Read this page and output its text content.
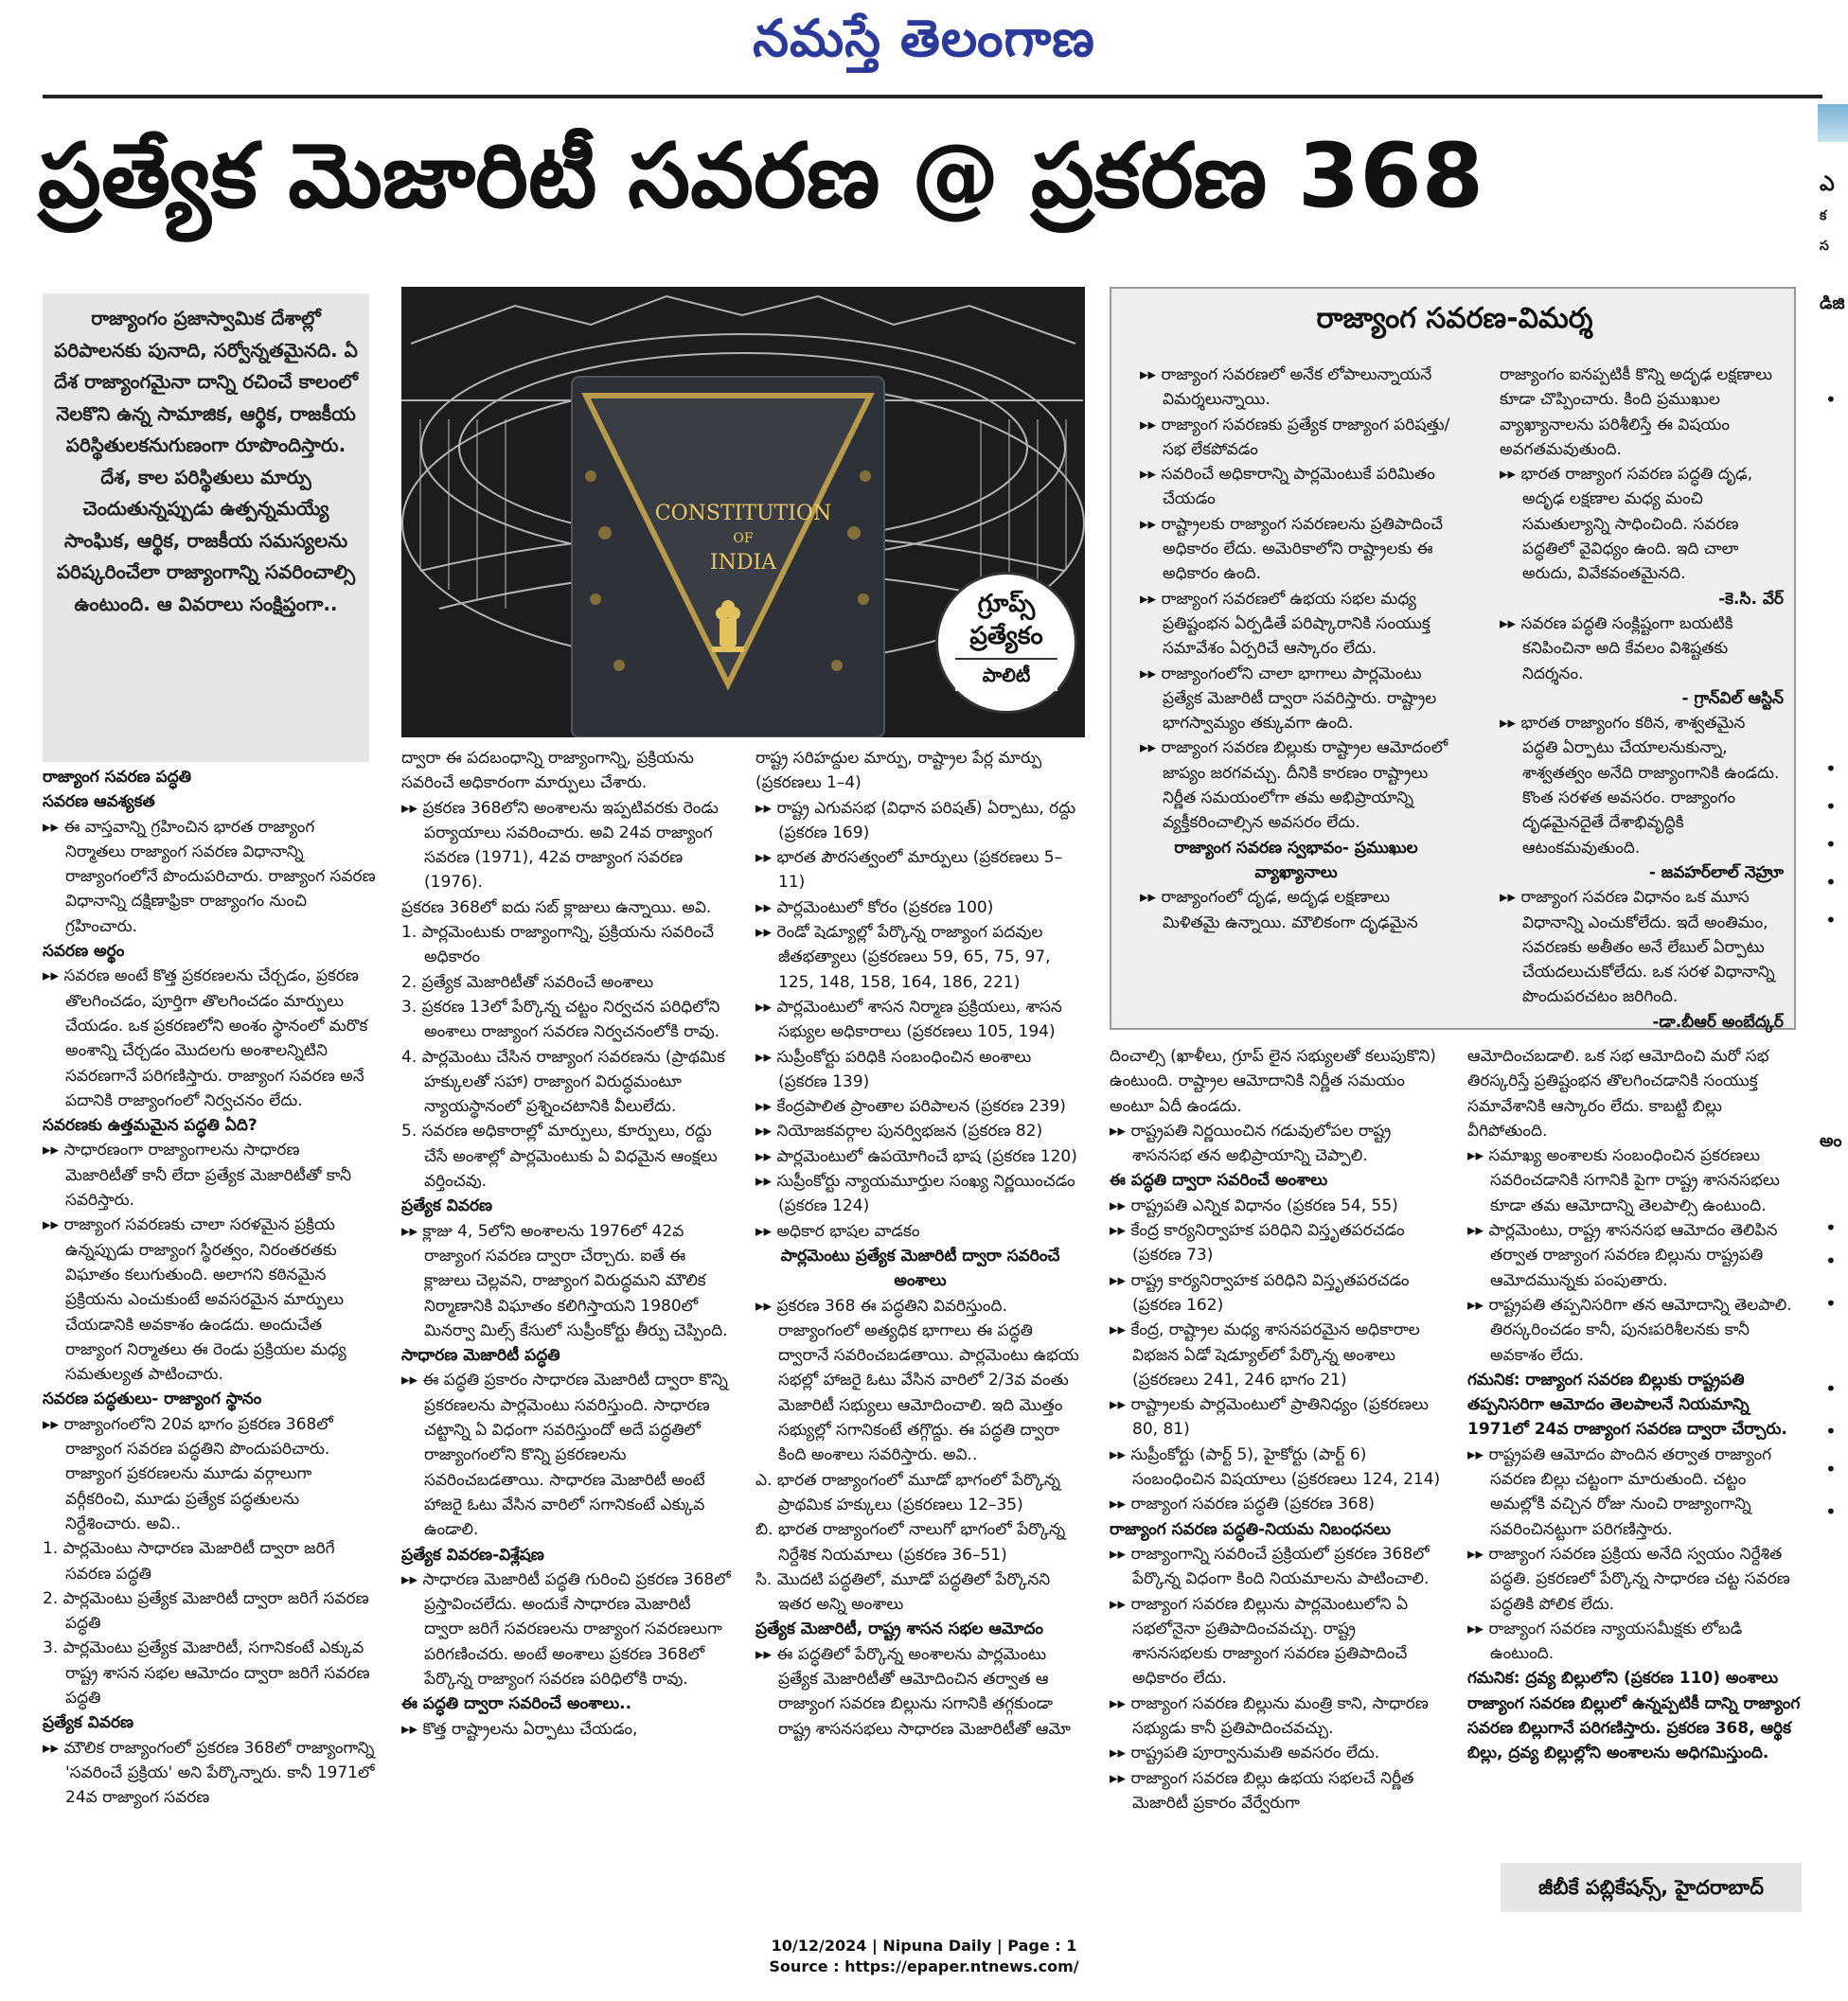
నమస్తే తెలంగాణ
ప్రత్యేక మెజారిటీ సవరణ @ ప్రకరణ 368	ఎ
క
స
డిజి
•
•
•
•
•
•
అం
•
•
•
•
•
•
•
రాజ్యాంగం ప్రజాస్వామిక దేశాల్లో పరిపాలనకు పునాది, సర్వోన్నతమైనది. ఏ దేశ రాజ్యాంగమైనా దాన్ని రచించే కాలంలో నెలకొని ఉన్న సామాజిక, ఆర్థిక, రాజకీయ పరిస్థితులకనుగుణంగా రూపొందిస్తారు. దేశ, కాల పరిస్థితులు మార్పు చెందుతున్నప్పుడు ఉత్పన్నమయ్యే సాంఘిక, ఆర్థిక, రాజకీయ సమస్యలను పరిష్కరించేలా రాజ్యాంగాన్ని సవరించాల్సి ఉంటుంది. ఆ వివరాలు సంక్షిప్తంగా..
CONSTITUTION
OF
INDIA
గ్రూప్స్ ప్రత్యేకం
పాలిటీ

రాజ్యాంగ సవరణ పద్ధతి

సవరణ ఆవశ్యకత

▸▸ ఈ వాస్తవాన్ని గ్రహించిన భారత రాజ్యాంగ నిర్మాతలు రాజ్యాంగ సవరణ విధానాన్ని రాజ్యాంగంలోనే పొందుపరిచారు. రాజ్యాంగ సవరణ విధానాన్ని దక్షిణాఫ్రికా రాజ్యాంగం నుంచి గ్రహించారు.

సవరణ అర్థం

▸▸ సవరణ అంటే కొత్త ప్రకరణలను చేర్చడం, ప్రకరణ తొలగించడం, పూర్తిగా తొలగించడం మార్పులు చేయడం. ఒక ప్రకరణలోని అంశం స్థానంలో మరొక అంశాన్ని చేర్చడం మొదలగు అంశాలన్నిటిని సవరణగానే పరిగణిస్తారు. రాజ్యాంగ సవరణ అనే పదానికి రాజ్యాంగంలో నిర్వచనం లేదు.

సవరణకు ఉత్తమమైన పద్ధతి ఏది?

▸▸ సాధారణంగా రాజ్యాంగాలను సాధారణ మెజారిటీతో కానీ లేదా ప్రత్యేక మెజారిటీతో కానీ సవరిస్తారు.

▸▸ రాజ్యాంగ సవరణకు చాలా సరళమైన ప్రక్రియ ఉన్నప్పుడు రాజ్యాంగ స్థిరత్వం, నిరంతరతకు విఘాతం కలుగుతుంది. అలాగని కఠినమైన ప్రక్రియను ఎంచుకుంటే అవసరమైన మార్పులు చేయడానికి అవకాశం ఉండదు. అందుచేత రాజ్యాంగ నిర్మాతలు ఈ రెండు ప్రక్రియల మధ్య సమతుల్యత పాటించారు.

సవరణ పద్ధతులు- రాజ్యాంగ స్థానం

▸▸ రాజ్యాంగంలోని 20వ భాగం ప్రకరణ 368లో రాజ్యాంగ సవరణ పద్ధతిని పొందుపరిచారు. రాజ్యాంగ ప్రకరణలను మూడు వర్గాలుగా వర్గీకరించి, మూడు ప్రత్యేక పద్ధతులను నిర్దేశించారు. అవి..

1. పార్లమెంటు సాధారణ మెజారిటీ ద్వారా జరిగే సవరణ పద్ధతి

2. పార్లమెంటు ప్రత్యేక మెజారిటీ ద్వారా జరిగే సవరణ పద్ధతి

3. పార్లమెంటు ప్రత్యేక మెజారిటీ, సగానికంటే ఎక్కువ రాష్ట్ర శాసన సభల ఆమోదం ద్వారా జరిగే సవరణ పద్ధతి

ప్రత్యేక వివరణ

▸▸ మౌలిక రాజ్యాంగంలో ప్రకరణ 368లో రాజ్యాంగాన్ని 'సవరించే ప్రక్రియ' అని పేర్కొన్నారు. కానీ 1971లో 24వ రాజ్యాంగ సవరణ

ద్వారా ఈ పదబంధాన్ని రాజ్యాంగాన్ని, ప్రక్రియను సవరించే అధికారంగా మార్పులు చేశారు.

▸▸ ప్రకరణ 368లోని అంశాలను ఇప్పటివరకు రెండు పర్యాయాలు సవరించారు. అవి 24వ రాజ్యాంగ సవరణ (1971), 42వ రాజ్యాంగ సవరణ (1976).

ప్రకరణ 368లో ఐదు సబ్ క్లాజులు ఉన్నాయి. అవి.

1. పార్లమెంటుకు రాజ్యాంగాన్ని, ప్రక్రియను సవరించే అధికారం

2. ప్రత్యేక మెజారిటీతో సవరించే అంశాలు

3. ప్రకరణ 13లో పేర్కొన్న చట్టం నిర్వచన పరిధిలోని అంశాలు రాజ్యాంగ సవరణ నిర్వచనంలోకి రావు.

4. పార్లమెంటు చేసిన రాజ్యాంగ సవరణను (ప్రాథమిక హక్కులతో సహా) రాజ్యాంగ విరుద్ధమంటూ న్యాయస్థానంలో ప్రశ్నించటానికి వీలులేదు.

5. సవరణ అధికారాల్లో మార్పులు, కూర్పులు, రద్దు చేసే అంశాల్లో పార్లమెంటుకు ఏ విధమైన ఆంక్షలు వర్తించవు.

ప్రత్యేక వివరణ

▸▸ క్లాజు 4, 5లోని అంశాలను 1976లో 42వ రాజ్యాంగ సవరణ ద్వారా చేర్చారు. ఐతే ఈ క్లాజులు చెల్లవని, రాజ్యాంగ విరుద్ధమని మౌలిక నిర్మాణానికి విఘాతం కలిగిస్తాయని 1980లో మినర్వా మిల్స్ కేసులో సుప్రీంకోర్టు తీర్పు చెప్పింది.

సాధారణ మెజారిటీ పద్ధతి

▸▸ ఈ పద్ధతి ప్రకారం సాధారణ మెజారిటీ ద్వారా కొన్ని ప్రకరణలను పార్లమెంటు సవరిస్తుంది. సాధారణ చట్టాన్ని ఏ విధంగా సవరిస్తుందో అదే పద్ధతిలో రాజ్యాంగంలోని కొన్ని ప్రకరణలను సవరించబడతాయి. సాధారణ మెజారిటీ అంటే హాజరై ఓటు వేసిన వారిలో సగానికంటే ఎక్కువ ఉండాలి.

ప్రత్యేక వివరణ-విశ్లేషణ

▸▸ సాధారణ మెజారిటీ పద్ధతి గురించి ప్రకరణ 368లో ప్రస్తావించలేదు. అందుకే సాధారణ మెజారిటీ ద్వారా జరిగే సవరణలను రాజ్యాంగ సవరణలుగా పరిగణించరు. అంటే అంశాలు ప్రకరణ 368లో పేర్కొన్న రాజ్యాంగ సవరణ పరిధిలోకి రావు.

ఈ పద్ధతి ద్వారా సవరించే అంశాలు..

▸▸ కొత్త రాష్ట్రాలను ఏర్పాటు చేయడం,

రాష్ట్ర సరిహద్దుల మార్పు, రాష్ట్రాల పేర్ల మార్పు (ప్రకరణలు 1–4)

▸▸ రాష్ట్ర ఎగువసభ (విధాన పరిషత్) ఏర్పాటు, రద్దు (ప్రకరణ 169)

▸▸ భారత పౌరసత్వంలో మార్పులు (ప్రకరణలు 5–11)

▸▸ పార్లమెంటులో కోరం (ప్రకరణ 100)

▸▸ రెండో షెడ్యూల్లో పేర్కొన్న రాజ్యాంగ పదవుల జీతభత్యాలు (ప్రకరణలు 59, 65, 75, 97, 125, 148, 158, 164, 186, 221)

▸▸ పార్లమెంటులో శాసన నిర్మాణ ప్రక్రియలు, శాసన సభ్యుల అధికారాలు (ప్రకరణలు 105, 194)

▸▸ సుప్రీంకోర్టు పరిధికి సంబంధించిన అంశాలు (ప్రకరణ 139)

▸▸ కేంద్రపాలిత ప్రాంతాల పరిపాలన (ప్రకరణ 239)

▸▸ నియోజకవర్గాల పునర్విభజన (ప్రకరణ 82)

▸▸ పార్లమెంటులో ఉపయోగించే భాష (ప్రకరణ 120)

▸▸ సుప్రీంకోర్టు న్యాయమూర్తుల సంఖ్య నిర్ణయించడం (ప్రకరణ 124)

▸▸ అధికార భాషల వాడకం

పార్లమెంటు ప్రత్యేక మెజారిటీ ద్వారా సవరించే అంశాలు

▸▸ ప్రకరణ 368 ఈ పద్ధతిని వివరిస్తుంది. రాజ్యాంగంలో అత్యధిక భాగాలు ఈ పద్ధతి ద్వారానే సవరించబడతాయి. పార్లమెంటు ఉభయ సభల్లో హాజరై ఓటు వేసిన వారిలో 2/3వ వంతు మెజారిటీ సభ్యులు ఆమోదించాలి. ఇది మొత్తం సభ్యుల్లో సగానికంటే తగ్గొద్దు. ఈ పద్ధతి ద్వారా కింది అంశాలు సవరిస్తారు. అవి..

ఎ. భారత రాజ్యాంగంలో మూడో భాగంలో పేర్కొన్న ప్రాథమిక హక్కులు (ప్రకరణలు 12–35)

బి. భారత రాజ్యాంగంలో నాలుగో భాగంలో పేర్కొన్న నిర్దేశిక నియమాలు (ప్రకరణ 36–51)

సి. మొదటి పద్ధతిలో, మూడో పద్ధతిలో పేర్కొనని ఇతర అన్ని అంశాలు

ప్రత్యేక మెజారిటీ, రాష్ట్ర శాసన సభల ఆమోదం

▸▸ ఈ పద్ధతిలో పేర్కొన్న అంశాలను పార్లమెంటు ప్రత్యేక మెజారిటీతో ఆమోదించిన తర్వాత ఆ రాజ్యాంగ సవరణ బిల్లును సగానికి తగ్గకుండా రాష్ట్ర శాసనసభలు సాధారణ మెజారిటీతో ఆమో

రాజ్యాంగ సవరణ-విమర్శ

▸▸ రాజ్యాంగ సవరణలో అనేక లోపాలున్నాయనే విమర్శలున్నాయి.

▸▸ రాజ్యాంగ సవరణకు ప్రత్యేక రాజ్యాంగ పరిషత్తు/సభ లేకపోవడం

▸▸ సవరించే అధికారాన్ని పార్లమెంటుకే పరిమితం చేయడం

▸▸ రాష్ట్రాలకు రాజ్యాంగ సవరణలను ప్రతిపాదించే అధికారం లేదు. అమెరికాలోని రాష్ట్రాలకు ఈ అధికారం ఉంది.

▸▸ రాజ్యాంగ సవరణలో ఉభయ సభల మధ్య ప్రతిష్టంభన ఏర్పడితే పరిష్కారానికి సంయుక్త సమావేశం ఏర్పరిచే ఆస్కారం లేదు.

▸▸ రాజ్యాంగంలోని చాలా భాగాలు పార్లమెంటు ప్రత్యేక మెజారిటీ ద్వారా సవరిస్తారు. రాష్ట్రాల భాగస్వామ్యం తక్కువగా ఉంది.

▸▸ రాజ్యాంగ సవరణ బిల్లుకు రాష్ట్రాల ఆమోదంలో జాప్యం జరగవచ్చు. దీనికి కారణం రాష్ట్రాలు నిర్ణీత సమయంలోగా తమ అభిప్రాయాన్ని వ్యక్తీకరించాల్సిన అవసరం లేదు.

రాజ్యాంగ సవరణ స్వభావం- ప్రముఖుల వ్యాఖ్యానాలు

▸▸ రాజ్యాంగంలో దృఢ, అదృఢ లక్షణాలు మిళితమై ఉన్నాయి. మౌలికంగా దృఢమైన

రాజ్యాంగం ఐనప్పటికీ కొన్ని అదృఢ లక్షణాలు కూడా చొప్పించారు. కింది ప్రముఖుల వ్యాఖ్యానాలను పరిశీలిస్తే ఈ విషయం అవగతమవుతుంది.

▸▸ భారత రాజ్యాంగ సవరణ పద్ధతి దృఢ, అదృఢ లక్షణాల మధ్య మంచి సమతుల్యాన్ని సాధించింది. సవరణ పద్ధతిలో వైవిధ్యం ఉంది. ఇది చాలా అరుదు, వివేకవంతమైనది.

-కె.సి. వేర్

▸▸ సవరణ పద్ధతి సంక్లిష్టంగా బయటికి కనిపించినా అది కేవలం విశిష్టతకు నిదర్శనం.

- గ్రాన్‌విల్ ఆస్టిన్

▸▸ భారత రాజ్యాంగం కఠిన, శాశ్వతమైన పద్ధతి ఏర్పాటు చేయాలనుకున్నా, శాశ్వతత్వం అనేది రాజ్యాంగానికి ఉండదు. కొంత సరళత అవసరం. రాజ్యాంగం దృఢమైనదైతే దేశాభివృద్ధికి ఆటంకమవుతుంది.

- జవహర్‌లాల్ నెహ్రూ

▸▸ రాజ్యాంగ సవరణ విధానం ఒక మూస విధానాన్ని ఎంచుకోలేదు. ఇదే అంతిమం, సవరణకు అతీతం అనే లేబుల్ ఏర్పాటు చేయదలుచుకోలేదు. ఒక సరళ విధానాన్ని పొందుపరచటం జరిగింది.

-డా.బీఆర్ అంబేద్కర్

దించాల్సి (ఖాళీలు, గ్రూప్ లైన సభ్యులతో కలుపుకొని) ఉంటుంది. రాష్ట్రాల ఆమోదానికి నిర్ణీత సమయం అంటూ ఏదీ ఉండదు.

▸▸ రాష్ట్రపతి నిర్ణయించిన గడువులోపల రాష్ట్ర శాసనసభ తన అభిప్రాయాన్ని చెప్పాలి.

ఈ పద్ధతి ద్వారా సవరించే అంశాలు

▸▸ రాష్ట్రపతి ఎన్నిక విధానం (ప్రకరణ 54, 55)

▸▸ కేంద్ర కార్యనిర్వాహక పరిధిని విస్తృతపరచడం (ప్రకరణ 73)

▸▸ రాష్ట్ర కార్యనిర్వాహక పరిధిని విస్తృతపరచడం (ప్రకరణ 162)

▸▸ కేంద్ర, రాష్ట్రాల మధ్య శాసనపరమైన అధికారాల విభజన ఏడో షెడ్యూల్‌లో పేర్కొన్న అంశాలు (ప్రకరణలు 241, 246 భాగం 21)

▸▸ రాష్ట్రాలకు పార్లమెంటులో ప్రాతినిధ్యం (ప్రకరణలు 80, 81)

▸▸ సుప్రీంకోర్టు (పార్ట్ 5), హైకోర్టు (పార్ట్ 6) సంబంధించిన విషయాలు (ప్రకరణలు 124, 214)

▸▸ రాజ్యాంగ సవరణ పద్ధతి (ప్రకరణ 368)

రాజ్యాంగ సవరణ పద్ధతి-నియమ నిబంధనలు

▸▸ రాజ్యాంగాన్ని సవరించే ప్రక్రియలో ప్రకరణ 368లో పేర్కొన్న విధంగా కింది నియమాలను పాటించాలి.

▸▸ రాజ్యాంగ సవరణ బిల్లును పార్లమెంటులోని ఏ సభలోనైనా ప్రతిపాదించవచ్చు. రాష్ట్ర శాసనసభలకు రాజ్యాంగ సవరణ ప్రతిపాదించే అధికారం లేదు.

▸▸ రాజ్యాంగ సవరణ బిల్లును మంత్రి కాని, సాధారణ సభ్యుడు కానీ ప్రతిపాదించవచ్చు.

▸▸ రాష్ట్రపతి పూర్వానుమతి అవసరం లేదు.

▸▸ రాజ్యాంగ సవరణ బిల్లు ఉభయ సభలచే నిర్ణీత మెజారిటీ ప్రకారం వేర్వేరుగా

ఆమోదించబడాలి. ఒక సభ ఆమోదించి మరో సభ తిరస్కరిస్తే ప్రతిష్టంభన తొలగించడానికి సంయుక్త సమావేశానికి ఆస్కారం లేదు. కాబట్టి బిల్లు వీగిపోతుంది.

▸▸ సమాఖ్య అంశాలకు సంబంధించిన ప్రకరణలు సవరించడానికి సగానికి పైగా రాష్ట్ర శాసనసభలు కూడా తమ ఆమోదాన్ని తెలపాల్సి ఉంటుంది.

▸▸ పార్లమెంటు, రాష్ట్ర శాసనసభ ఆమోదం తెలిపిన తర్వాత రాజ్యాంగ సవరణ బిల్లును రాష్ట్రపతి ఆమోదమున్నకు పంపుతారు.

▸▸ రాష్ట్రపతి తప్పనిసరిగా తన ఆమోదాన్ని తెలపాలి. తిరస్కరించడం కానీ, పునఃపరిశీలనకు కానీ అవకాశం లేదు.

గమనిక: రాజ్యాంగ సవరణ బిల్లుకు రాష్ట్రపతి తప్పనిసరిగా ఆమోదం తెలపాలనే నియమాన్ని 1971లో 24వ రాజ్యాంగ సవరణ ద్వారా చేర్చారు.

▸▸ రాష్ట్రపతి ఆమోదం పొందిన తర్వాత రాజ్యాంగ సవరణ బిల్లు చట్టంగా మారుతుంది. చట్టం అమల్లోకి వచ్చిన రోజు నుంచి రాజ్యాంగాన్ని సవరించినట్టుగా పరిగణిస్తారు.

▸▸ రాజ్యాంగ సవరణ ప్రక్రియ అనేది స్వయం నిర్దేశిత పద్ధతి. ప్రకరణలో పేర్కొన్న సాధారణ చట్ట సవరణ పద్ధతికి పోలిక లేదు.

▸▸ రాజ్యాంగ సవరణ న్యాయసమీక్షకు లోబడి ఉంటుంది.

గమనిక: ద్రవ్య బిల్లులోని (ప్రకరణ 110) అంశాలు రాజ్యాంగ సవరణ బిల్లులో ఉన్నప్పటికీ దాన్ని రాజ్యాంగ సవరణ బిల్లుగానే పరిగణిస్తారు. ప్రకరణ 368, ఆర్థిక బిల్లు, ద్రవ్య బిల్లుల్లోని అంశాలను అధిగమిస్తుంది.

జీబీకే పబ్లికేషన్స్, హైదరాబాద్
10/12/2024 | Nipuna Daily | Page : 1
Source : https://epaper.ntnews.com/
